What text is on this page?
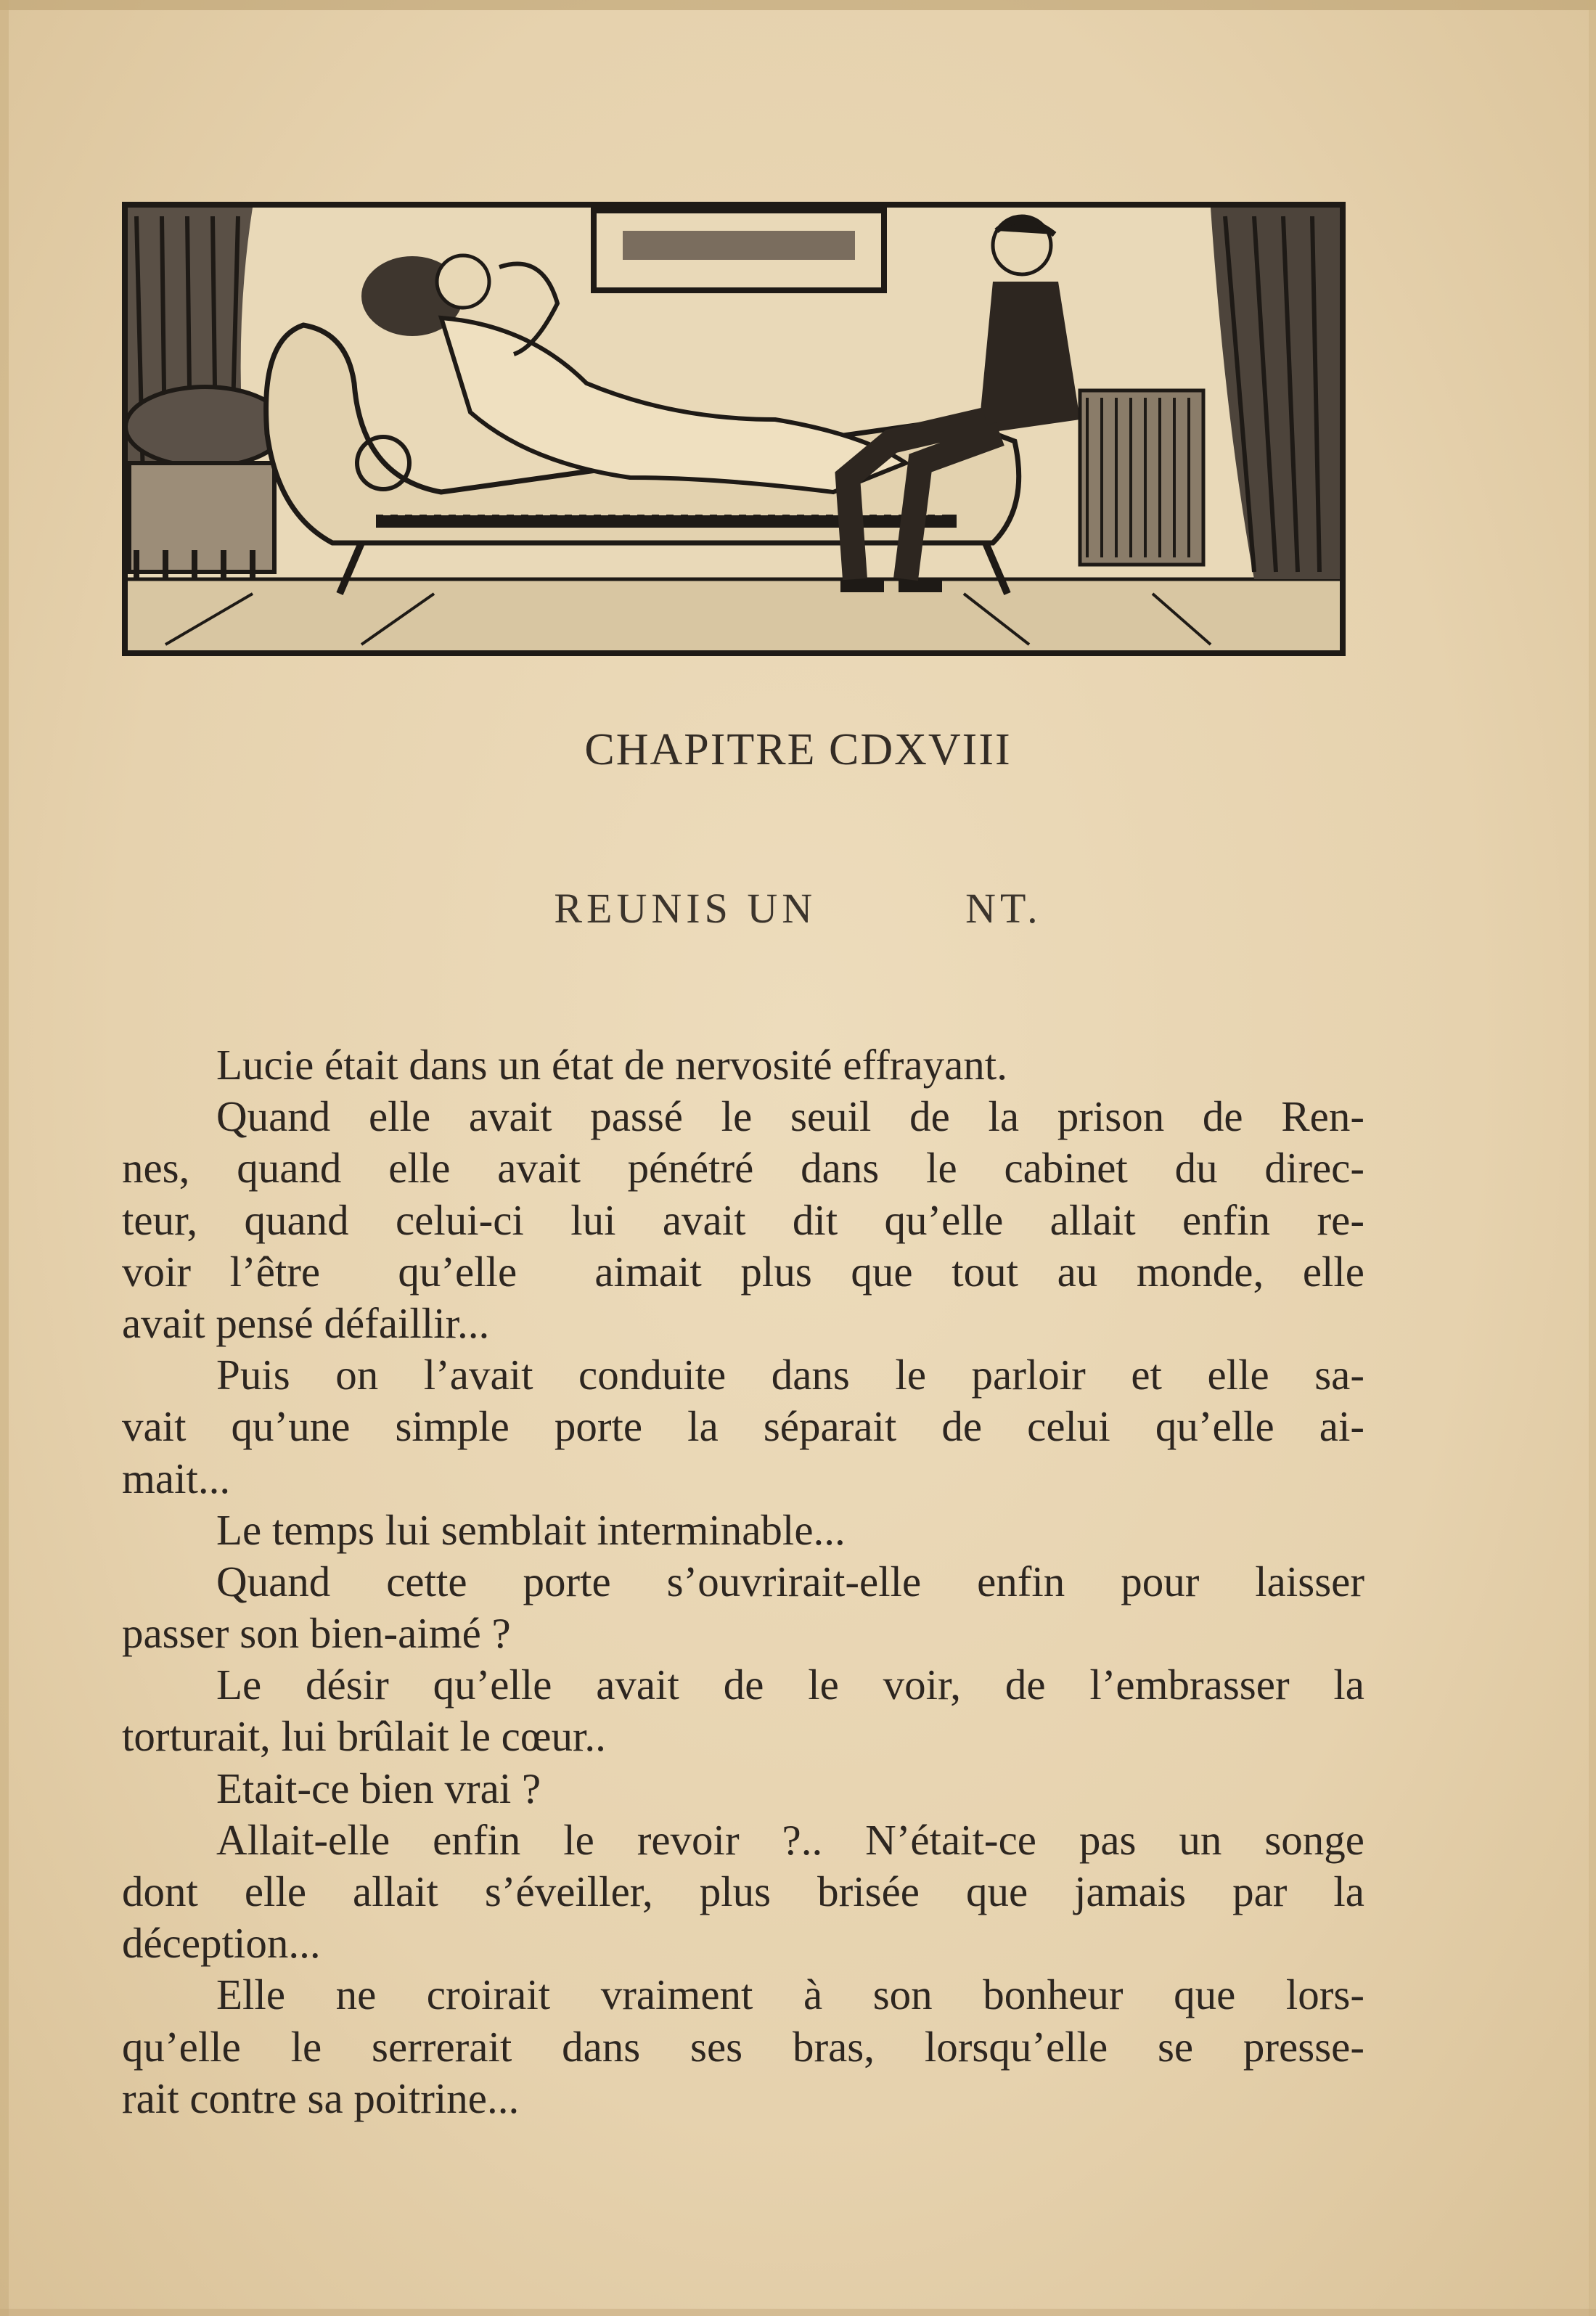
CHAPITRE CDXVIII
REUNIS UN          NT.
Lucie était dans un état de nervosité effrayant.
Quand elle avait passé le seuil de la prison de Ren-
nes, quand elle avait pénétré dans le cabinet du direc-
teur, quand celui-ci lui avait dit qu’elle allait enfin re-
voir l’être  qu’elle  aimait plus que tout au monde, elle
avait pensé défaillir...
Puis on l’avait conduite dans le parloir et elle sa-
vait qu’une simple porte la séparait de celui qu’elle ai-
mait...
Le temps lui semblait interminable...
Quand cette porte s’ouvrirait-elle enfin pour laisser
passer son bien-aimé ?
Le désir qu’elle avait de le voir, de l’embrasser la
torturait, lui brûlait le cœur..
Etait-ce bien vrai ?
Allait-elle enfin le revoir ?.. N’était-ce pas un songe
dont elle allait s’éveiller, plus brisée que jamais par la
déception...
Elle ne croirait vraiment à son bonheur que lors-
qu’elle le serrerait dans ses bras, lorsqu’elle se presse-
rait contre sa poitrine...
